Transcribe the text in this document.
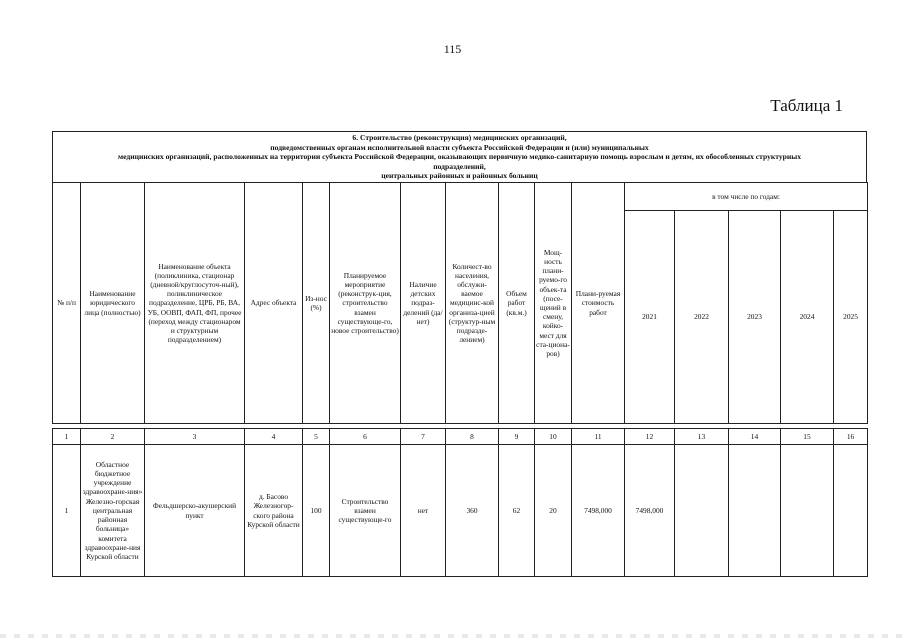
115
Таблица 1
6. Строительство (реконструкция) медицинских организаций,
подведомственных органам исполнительной власти субъекта Российской Федерации и (или) муниципальных
медицинских организаций, расположенных на территории субъекта Российской Федерации, оказывающих первичную медико-санитарную помощь взрослым и детям, их обособленных структурных
подразделений,
центральных районных и районных больниц
№ п/п	Наименование юридического лица (полностью)	Наименование объекта (поликлиника, стационар (дневной/круглосуточ-ный), поликлиническое подразделение, ЦРБ, РБ, ВА, УБ, ООВП, ФАП, ФП, прочее (переход между стационаром и структурным подразделением)	Адрес объекта	Из-нос (%)	Планируемое мероприятие (реконструк-ция, строительство взамен существующе-го, новое строительство)	Наличие детских подраз-делений (да/нет)	Количест-во населения, обслужи-ваемое медицинс-кой организа-цией (структур-ным подразде-лением)	Объем работ (кв.м.)	Мощ-ность плани-руемо-го объек-та (посе-щений в смену, койко-мест для ста-циона-ров)	Плани-руемая стоимость работ	в том числе по годам:				
											2021	2022	2023	2024	2025

1	2	3	4	5	6	7	8	9	10	11	12	13	14	15	16
1	Областное бюджетное учреждение здравоохране-ния» Железно-горская центральная районная больница» комитета здравоохране-ния Курской области	Фельдшерско-акушерский пункт	д. Басово Железногор-ского района Курской области	100	Строительство взамен существующе-го	нет	360	62	20	7498,000	7498,000				
